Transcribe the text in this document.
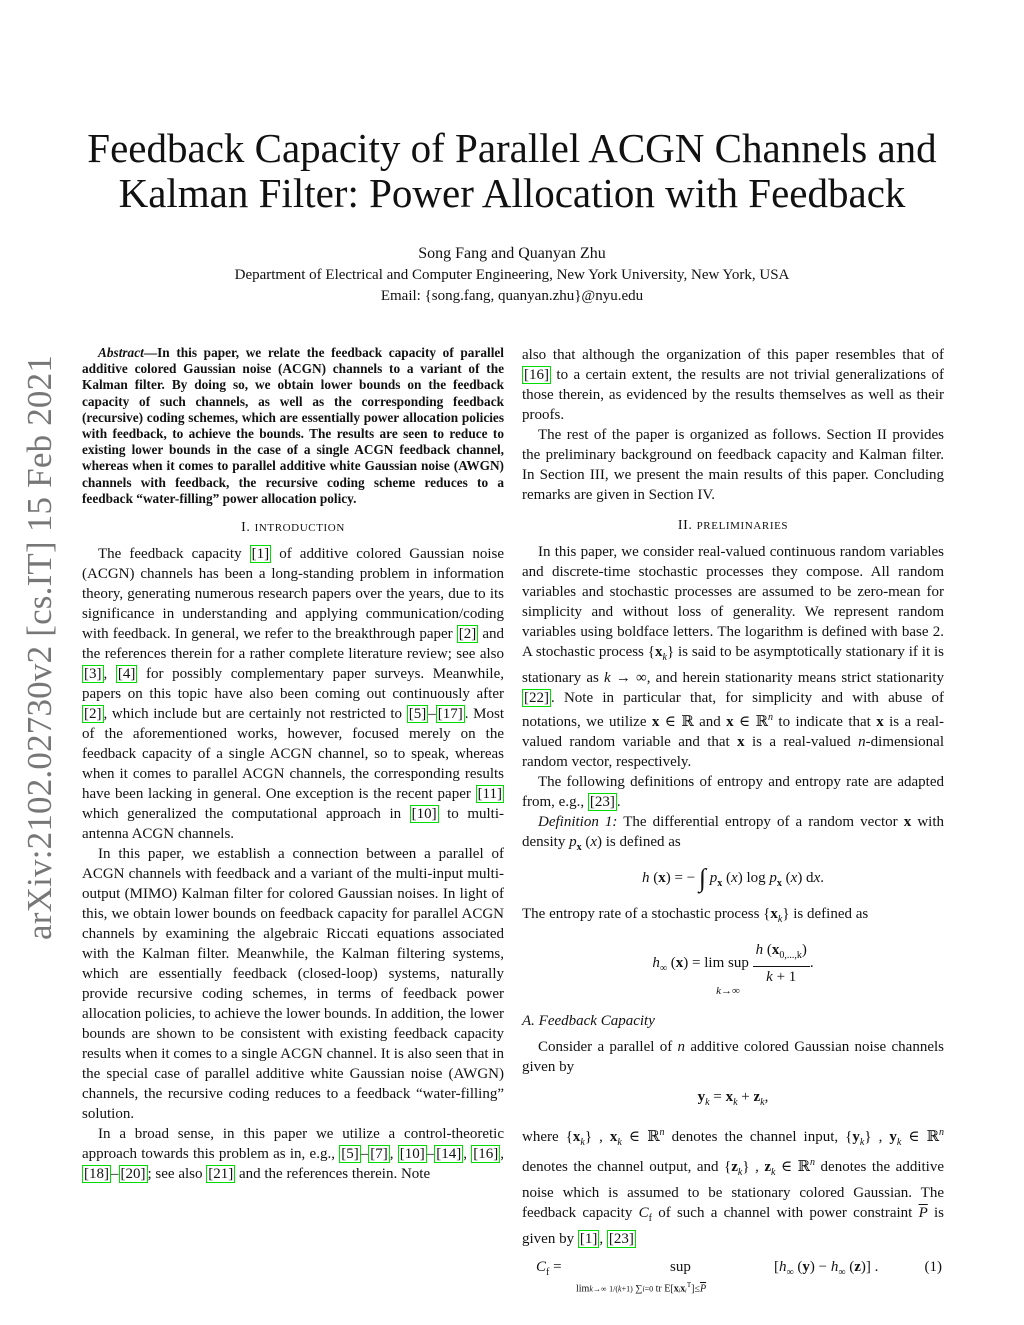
arXiv:2102.02730v2 [cs.IT] 15 Feb 2021
Feedback Capacity of Parallel ACGN Channels and
Kalman Filter: Power Allocation with Feedback
Song Fang and Quanyan Zhu
Department of Electrical and Computer Engineering, New York University, New York, USA
Email: {song.fang, quanyan.zhu}@nyu.edu
Abstract—In this paper, we relate the feedback capacity of parallel additive colored Gaussian noise (ACGN) channels to a variant of the Kalman filter. By doing so, we obtain lower bounds on the feedback capacity of such channels, as well as the corresponding feedback (recursive) coding schemes, which are essentially power allocation policies with feedback, to achieve the bounds. The results are seen to reduce to existing lower bounds in the case of a single ACGN feedback channel, whereas when it comes to parallel additive white Gaussian noise (AWGN) channels with feedback, the recursive coding scheme reduces to a feedback “water-filling” power allocation policy.
I. INTRODUCTION

The feedback capacity [1] of additive colored Gaussian noise (ACGN) channels has been a long-standing problem in information theory, generating numerous research papers over the years, due to its significance in understanding and applying communication/coding with feedback. In general, we refer to the breakthrough paper [2] and the references therein for a rather complete literature review; see also [3] , [4] for possibly complementary paper surveys. Meanwhile, papers on this topic have also been coming out continuously after [2] , which include but are certainly not restricted to [5] – [17] . Most of the aforementioned works, however, focused merely on the feedback capacity of a single ACGN channel, so to speak, whereas when it comes to parallel ACGN channels, the corresponding results have been lacking in general. One exception is the recent paper [11] which generalized the computational approach in [10] to multi-antenna ACGN channels.

In this paper, we establish a connection between a parallel of ACGN channels with feedback and a variant of the multi-input multi-output (MIMO) Kalman filter for colored Gaussian noises. In light of this, we obtain lower bounds on feedback capacity for parallel ACGN channels by examining the algebraic Riccati equations associated with the Kalman filter. Meanwhile, the Kalman filtering systems, which are essentially feedback (closed-loop) systems, naturally provide recursive coding schemes, in terms of feedback power allocation policies, to achieve the lower bounds. In addition, the lower bounds are shown to be consistent with existing feedback capacity results when it comes to a single ACGN channel. It is also seen that in the special case of parallel additive white Gaussian noise (AWGN) channels, the recursive coding reduces to a feedback “water-filling” solution.

In a broad sense, in this paper we utilize a control-theoretic approach towards this problem as in, e.g., [5] – [7] , [10] – [14] , [16] , [18] – [20] ; see also [21] and the references therein. Note

also that although the organization of this paper resembles that of [16] to a certain extent, the results are not trivial generalizations of those therein, as evidenced by the results themselves as well as their proofs.

The rest of the paper is organized as follows. Section II provides the preliminary background on feedback capacity and Kalman filter. In Section III, we present the main results of this paper. Concluding remarks are given in Section IV.

II. PRELIMINARIES

In this paper, we consider real-valued continuous random variables and discrete-time stochastic processes they compose. All random variables and stochastic processes are assumed to be zero-mean for simplicity and without loss of generality. We represent random variables using boldface letters. The logarithm is defined with base 2. A stochastic process $\{x_k\}$ is said to be asymptotically stationary if it is stationary as k → ∞, and herein stationarity means strict stationarity [22] . Note in particular that, for simplicity and with abuse of notations, we utilize x ∈ ℝ and x ∈ ℝ$^n$ to indicate that x is a real-valued random variable and that x is a real-valued n-dimensional random vector, respectively.

The following definitions of entropy and entropy rate are adapted from, e.g., [23] .

Definition 1: The differential entropy of a random vector x with density $p_x$ (x) is defined as

h (x) = − ∫ $p_x$ (x) $\log p_x$ (x) dx.

The entropy rate of a stochastic process $\{x_k\}$ is defined as

$h_\infty$ (x) = lim sup $\frac{h (x_{0,...,k})}{k + 1}$ .
k→∞
A. Feedback Capacity

Consider a parallel of n additive colored Gaussian noise channels given by

$y_k = x_k + z_k$,

where $\{x_k\}$ , $x_k$ ∈ ℝ$^n$ denotes the channel input, $\{y_k\}$ , $y_k$ ∈ ℝ$^n$ denotes the channel output, and $\{z_k\}$ , $z_k$ ∈ ℝ$^n$ denotes the additive noise which is assumed to be stationary colored Gaussian. The feedback capacity $C_f$ of such a channel with power constraint $\overline{P}$ is given by [1] , [23]

$C_f$ =	sup	[$h_\infty$ $(y) - h_\infty$ (z)] .	(1)
limk→∞ 1/(k+1) ∑i=0 tr $E[xᵢxᵢ^T]\le\overline{P}$
